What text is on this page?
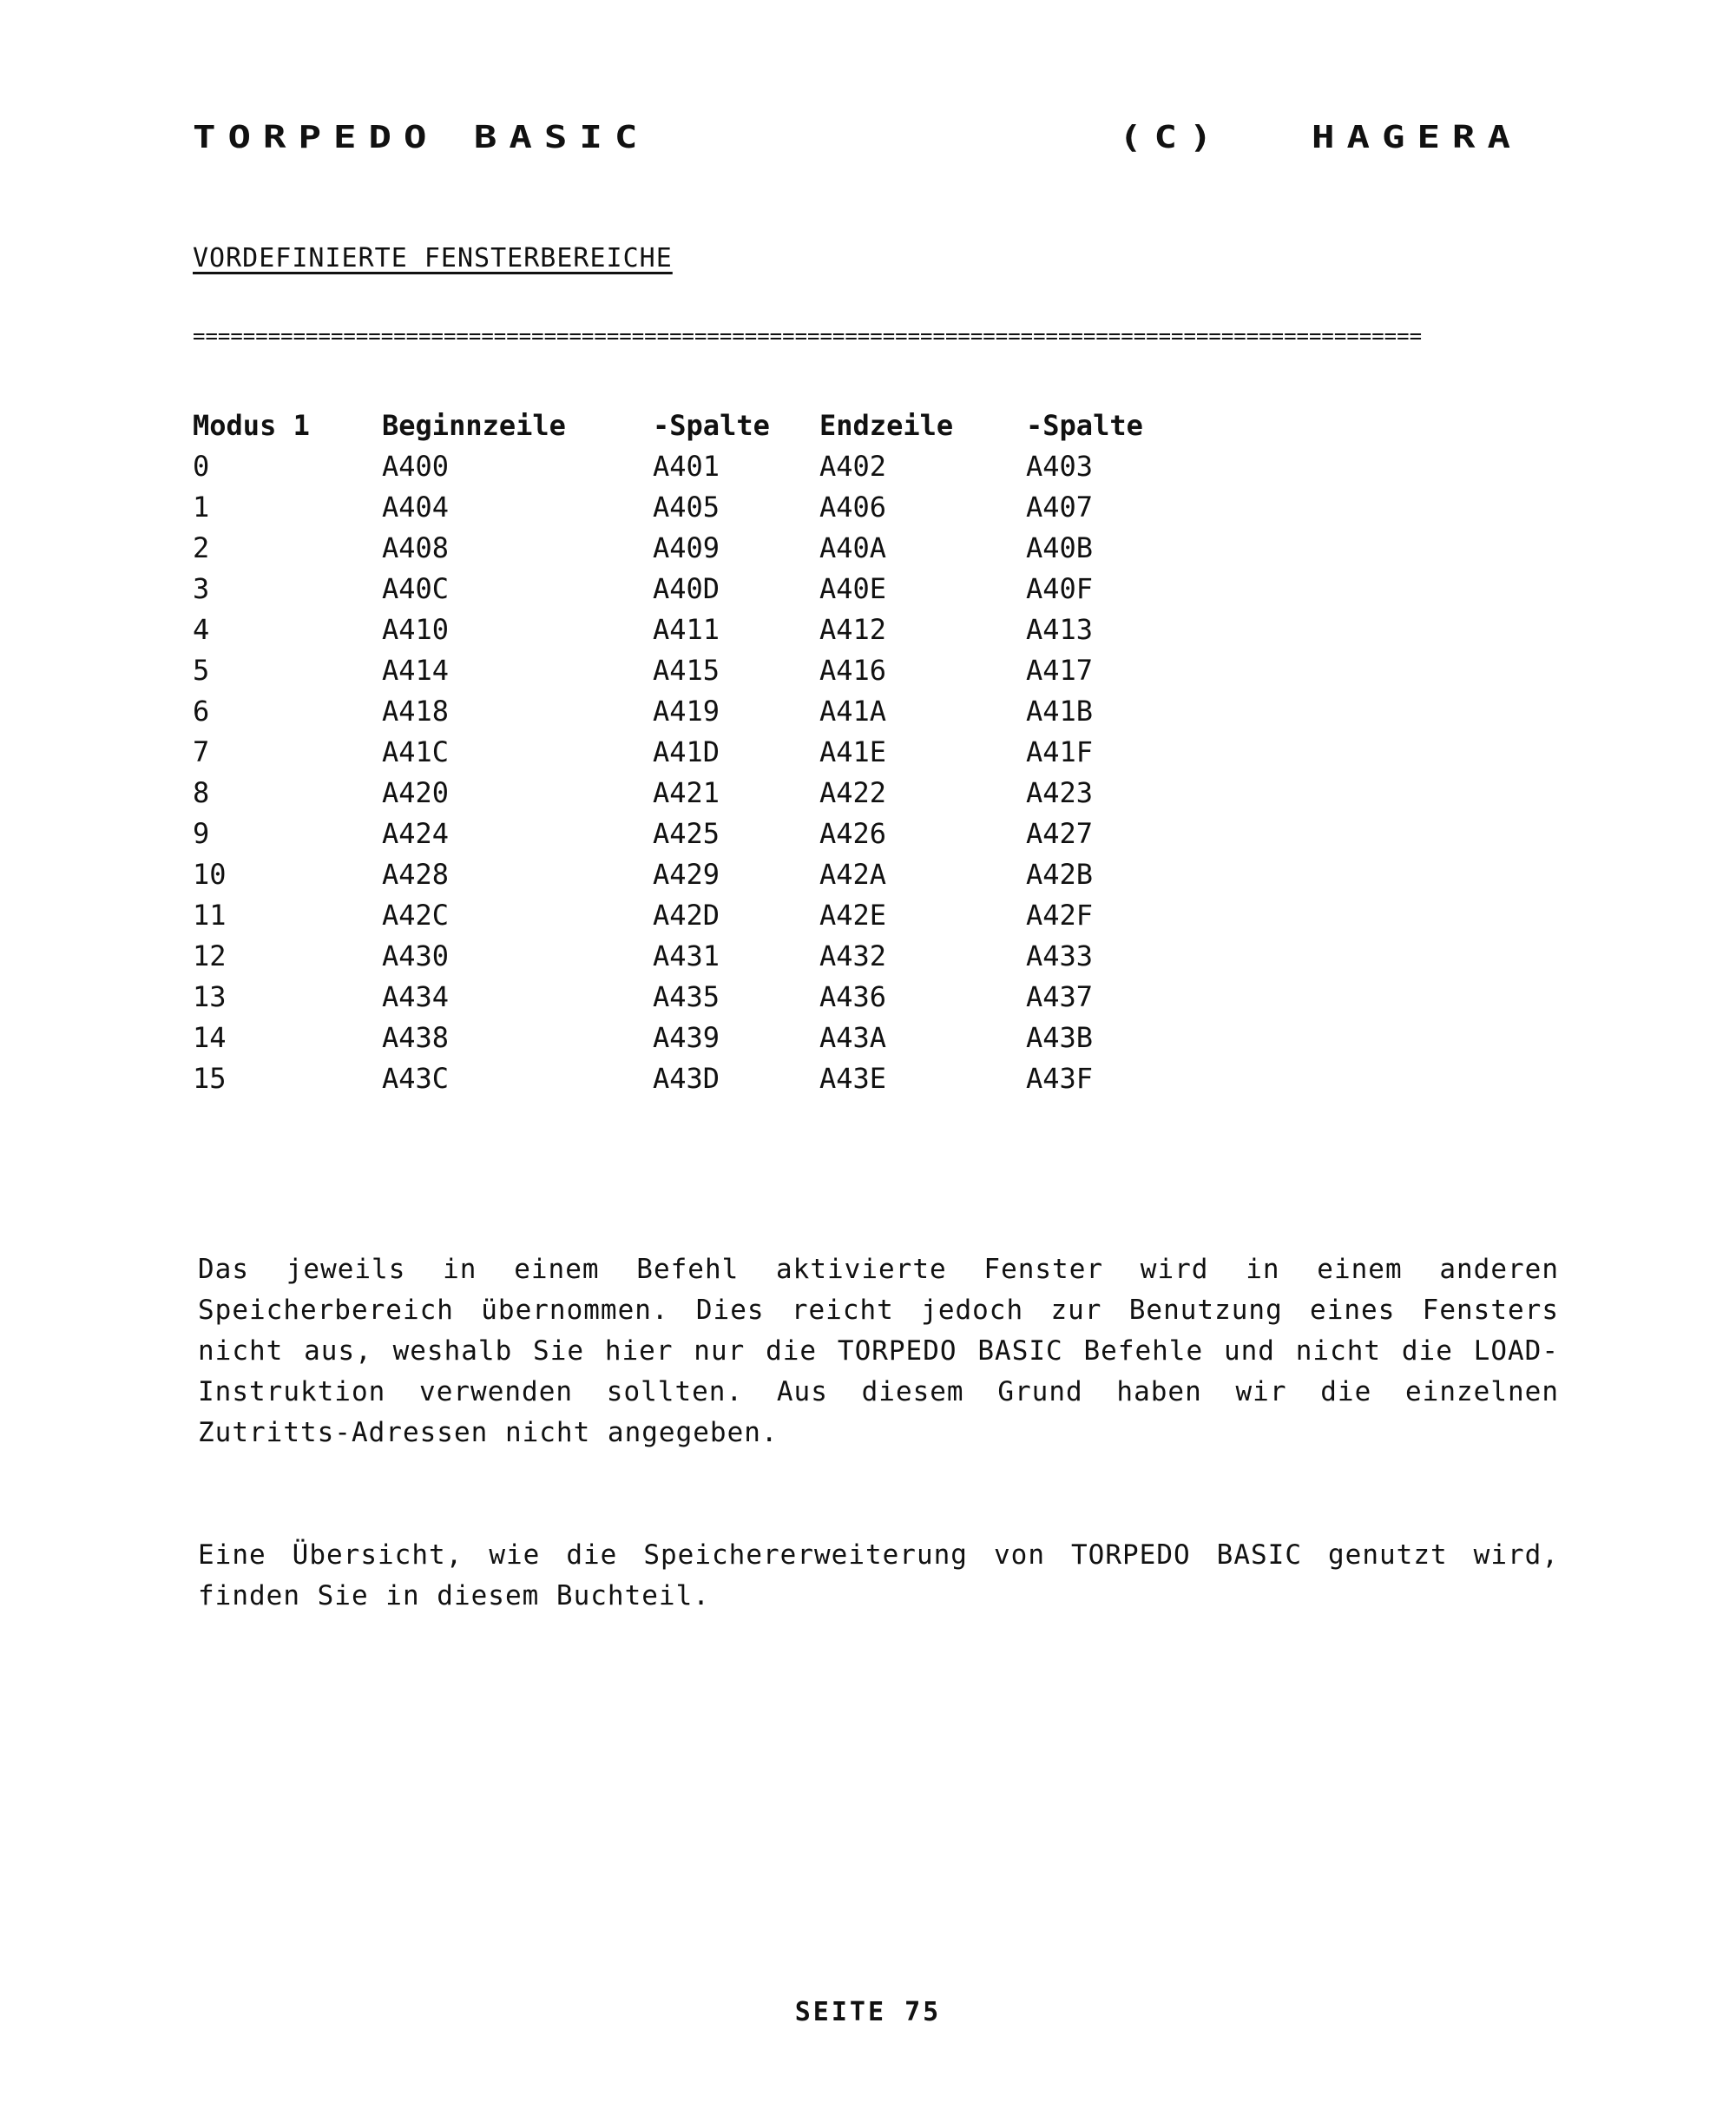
TORPEDO BASIC	(C) HAGERA
VORDEFINIERTE FENSTERBEREICHE
==================================================================================================
Modus 1	Beginnzeile	-Spalte	Endzeile	-Spalte
0	A400	A401	A402	A403
1	A404	A405	A406	A407
2	A408	A409	A40A	A40B
3	A40C	A40D	A40E	A40F
4	A410	A411	A412	A413
5	A414	A415	A416	A417
6	A418	A419	A41A	A41B
7	A41C	A41D	A41E	A41F
8	A420	A421	A422	A423
9	A424	A425	A426	A427
10	A428	A429	A42A	A42B
11	A42C	A42D	A42E	A42F
12	A430	A431	A432	A433
13	A434	A435	A436	A437
14	A438	A439	A43A	A43B
15	A43C	A43D	A43E	A43F

Das jeweils in einem Befehl aktivierte Fenster wird in einem anderen Speicherbereich übernommen. Dies reicht jedoch zur Benutzung eines Fensters nicht aus, weshalb Sie hier nur die TORPEDO BASIC Befehle und nicht die LOAD-Instruktion verwenden sollten. Aus diesem Grund haben wir die einzelnen Zutritts-Adressen nicht angegeben.

Eine Übersicht, wie die Speichererweiterung von TORPEDO BASIC genutzt wird, finden Sie in diesem Buchteil.

SEITE 75
